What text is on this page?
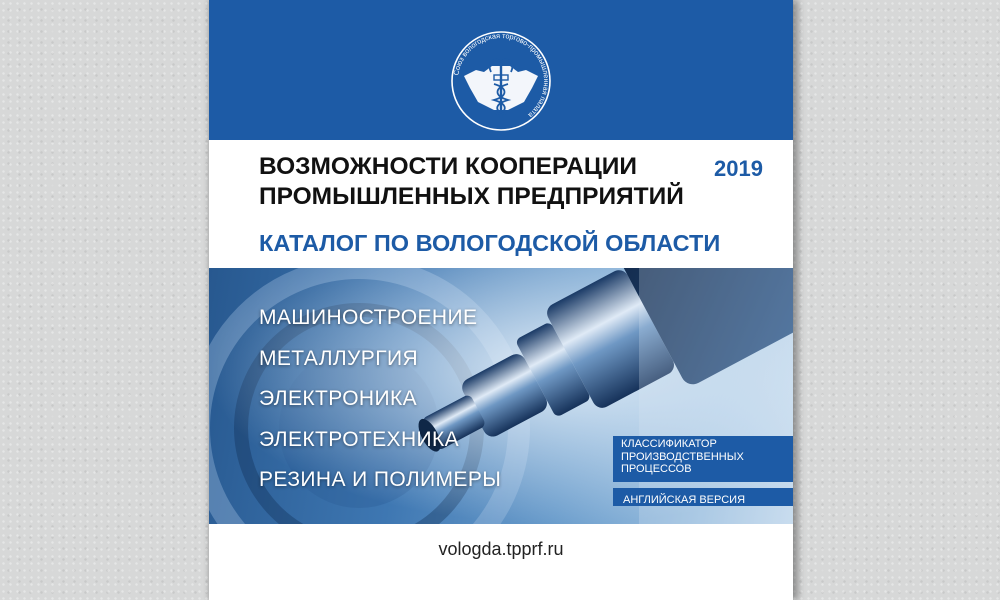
Союз вологодская торгово-промышленная палата
ВОЗМОЖНОСТИ КООПЕРАЦИИ
ПРОМЫШЛЕННЫХ ПРЕДПРИЯТИЙ
2019
КАТАЛОГ ПО ВОЛОГОДСКОЙ ОБЛАСТИ
МАШИНОСТРОЕНИЕ
МЕТАЛЛУРГИЯ
ЭЛЕКТРОНИКА
ЭЛЕКТРОТЕХНИКА
РЕЗИНА И ПОЛИМЕРЫ
КЛАССИФИКАТОР
ПРОИЗВОДСТВЕННЫХ
ПРОЦЕССОВ
АНГЛИЙСКАЯ ВЕРСИЯ
vologda.tpprf.ru
